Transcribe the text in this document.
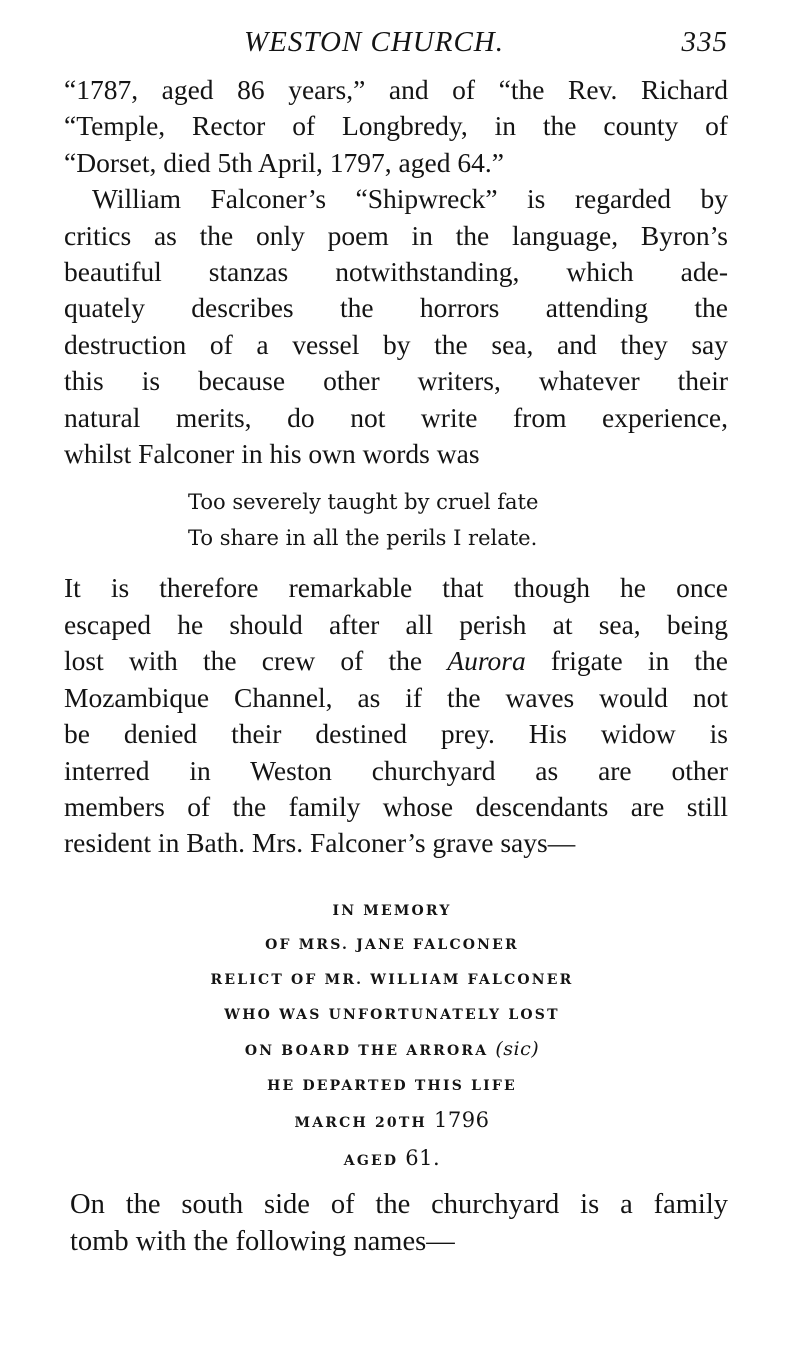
WESTON CHURCH.	335

“1787, aged 86 years,” and of “the Rev. Richard
“Temple, Rector of Longbredy, in the county of
“Dorset, died 5th April, 1797, aged 64.”

William Falconer’s “Shipwreck” is regarded by
critics as the only poem in the language, Byron’s
beautiful stanzas notwithstanding, which ade-
quately describes the horrors attending the
destruction of a vessel by the sea, and they say
this is because other writers, whatever their
natural merits, do not write from experience,
whilst Falconer in his own words was

Too severely taught by cruel fate
To share in all the perils I relate.

It is therefore remarkable that though he once
escaped he should after all perish at sea, being
lost with the crew of the Aurora frigate in the
Mozambique Channel, as if the waves would not
be denied their destined prey. His widow is
interred in Weston churchyard as are other
members of the family whose descendants are still
resident in Bath. Mrs. Falconer’s grave says—

IN MEMORY
OF MRS. JANE FALCONER
RELICT OF MR. WILLIAM FALCONER
WHO WAS UNFORTUNATELY LOST
ON BOARD THE ARRORA (sic)
HE DEPARTED THIS LIFE
MARCH 20TH 1796
AGED 61.

On the south side of the churchyard is a family
tomb with the following names—
